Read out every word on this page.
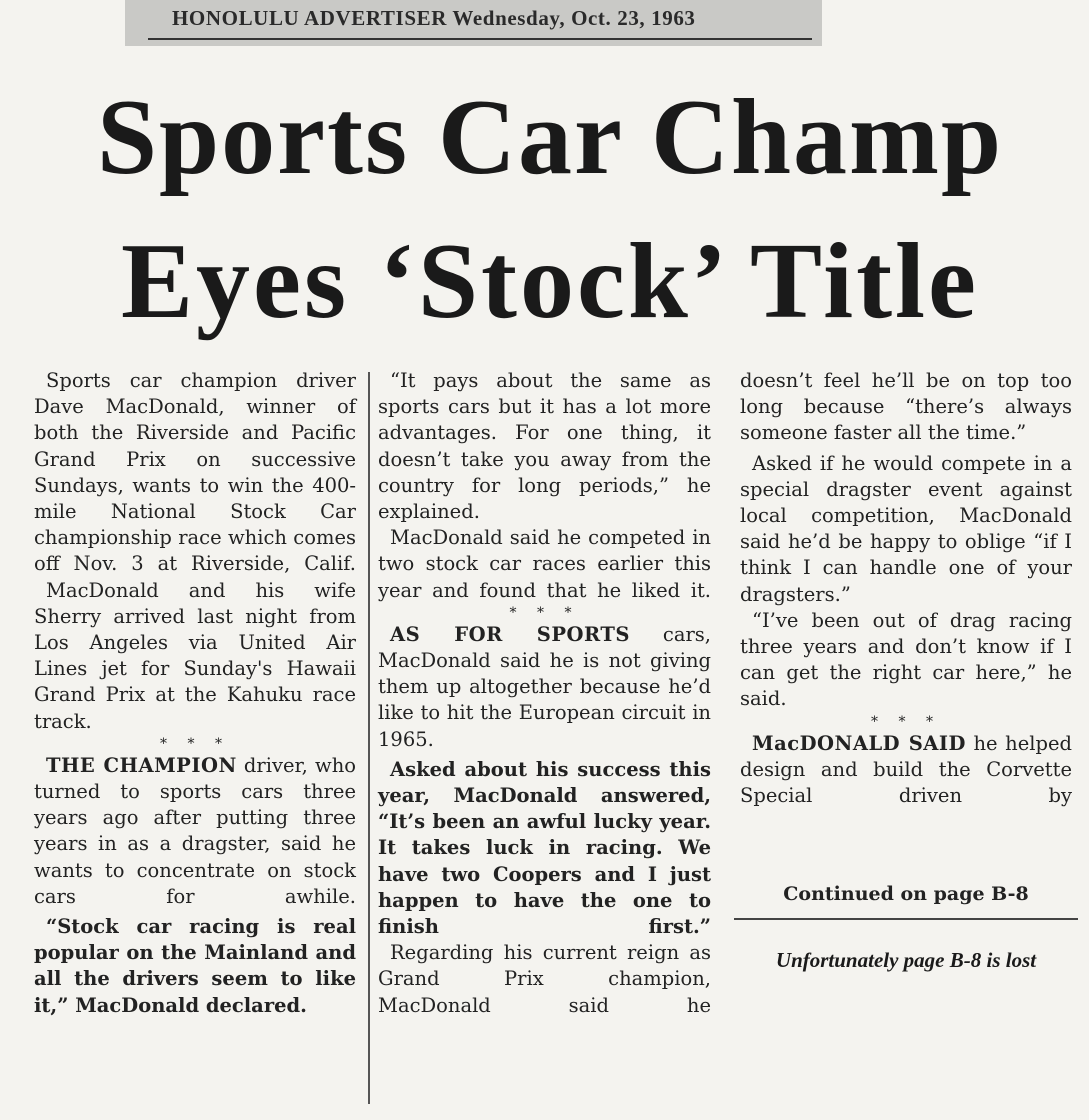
HONOLULU ADVERTISER Wednesday, Oct. 23, 1963
Sports Car Champ
Eyes ‘Stock’ Title

Sports car champion driver Dave MacDonald, winner of both the Riverside and Pacific Grand Prix on successive Sundays, wants to win the 400-mile National Stock Car championship race which comes off Nov. 3 at Riverside, Calif.

MacDonald and his wife Sherry arrived last night from Los Angeles via United Air Lines jet for Sunday's Hawaii Grand Prix at the Kahuku race track.

* * *

THE CHAMPION driver, who turned to sports cars three years ago after putting three years in as a dragster, said he wants to concentrate on stock cars for awhile.

“Stock car racing is real popular on the Mainland and all the drivers seem to like it,” MacDonald declared.

“It pays about the same as sports cars but it has a lot more advantages. For one thing, it doesn’t take you away from the country for long periods,” he explained.

MacDonald said he competed in two stock car races earlier this year and found that he liked it.

* * *

AS FOR SPORTS cars, MacDonald said he is not giving them up altogether because he’d like to hit the European circuit in 1965.

Asked about his success this year, MacDonald answered, “It’s been an awful lucky year. It takes luck in racing. We have two Coopers and I just happen to have the one to finish first.”

Regarding his current reign as Grand Prix champion, MacDonald said he

doesn’t feel he’ll be on top too long because “there’s always someone faster all the time.”

Asked if he would compete in a special dragster event against local competition, MacDonald said he’d be happy to oblige “if I think I can handle one of your dragsters.”

“I’ve been out of drag racing three years and don’t know if I can get the right car here,” he said.

* * *

MacDONALD SAID he helped design and build the Corvette Special driven by

Continued on page B-8
Unfortunately page B-8 is lost
